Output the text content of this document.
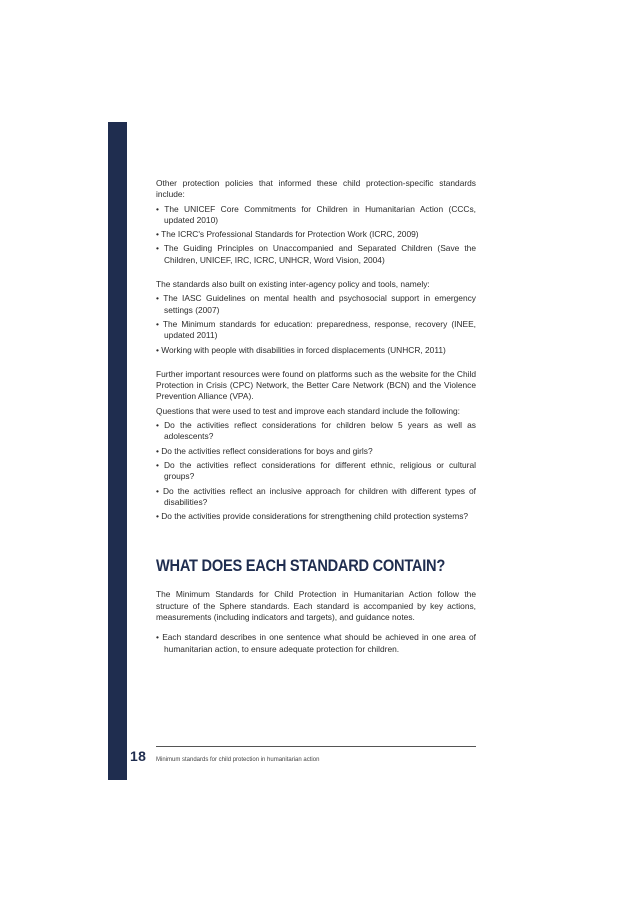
Other protection policies that informed these child protection-specific standards include:

• The UNICEF Core Commitments for Children in Humanitarian Action (CCCs, updated 2010)
• The ICRC's Professional Standards for Protection Work (ICRC, 2009)
• The Guiding Principles on Unaccompanied and Separated Children (Save the Children, UNICEF, IRC, ICRC, UNHCR, Word Vision, 2004)

The standards also built on existing inter-agency policy and tools, namely:

• The IASC Guidelines on mental health and psychosocial support in emergency settings (2007)
• The Minimum standards for education: preparedness, response, recovery (INEE, updated 2011)
• Working with people with disabilities in forced displacements (UNHCR, 2011)

Further important resources were found on platforms such as the website for the Child Protection in Crisis (CPC) Network, the Better Care Network (BCN) and the Violence Prevention Alliance (VPA).

Questions that were used to test and improve each standard include the following:

• Do the activities reflect considerations for children below 5 years as well as adolescents?
• Do the activities reflect considerations for boys and girls?
• Do the activities reflect considerations for different ethnic, religious or cultural groups?
• Do the activities reflect an inclusive approach for children with different types of disabilities?
• Do the activities provide considerations for strengthening child protection systems?
WHAT DOES EACH STANDARD CONTAIN?

The Minimum Standards for Child Protection in Humanitarian Action follow the structure of the Sphere standards. Each standard is accompanied by key actions, measurements (including indicators and targets), and guidance notes.

• Each standard describes in one sentence what should be achieved in one area of humanitarian action, to ensure adequate protection for children.
18	Minimum standards for child protection in humanitarian action
